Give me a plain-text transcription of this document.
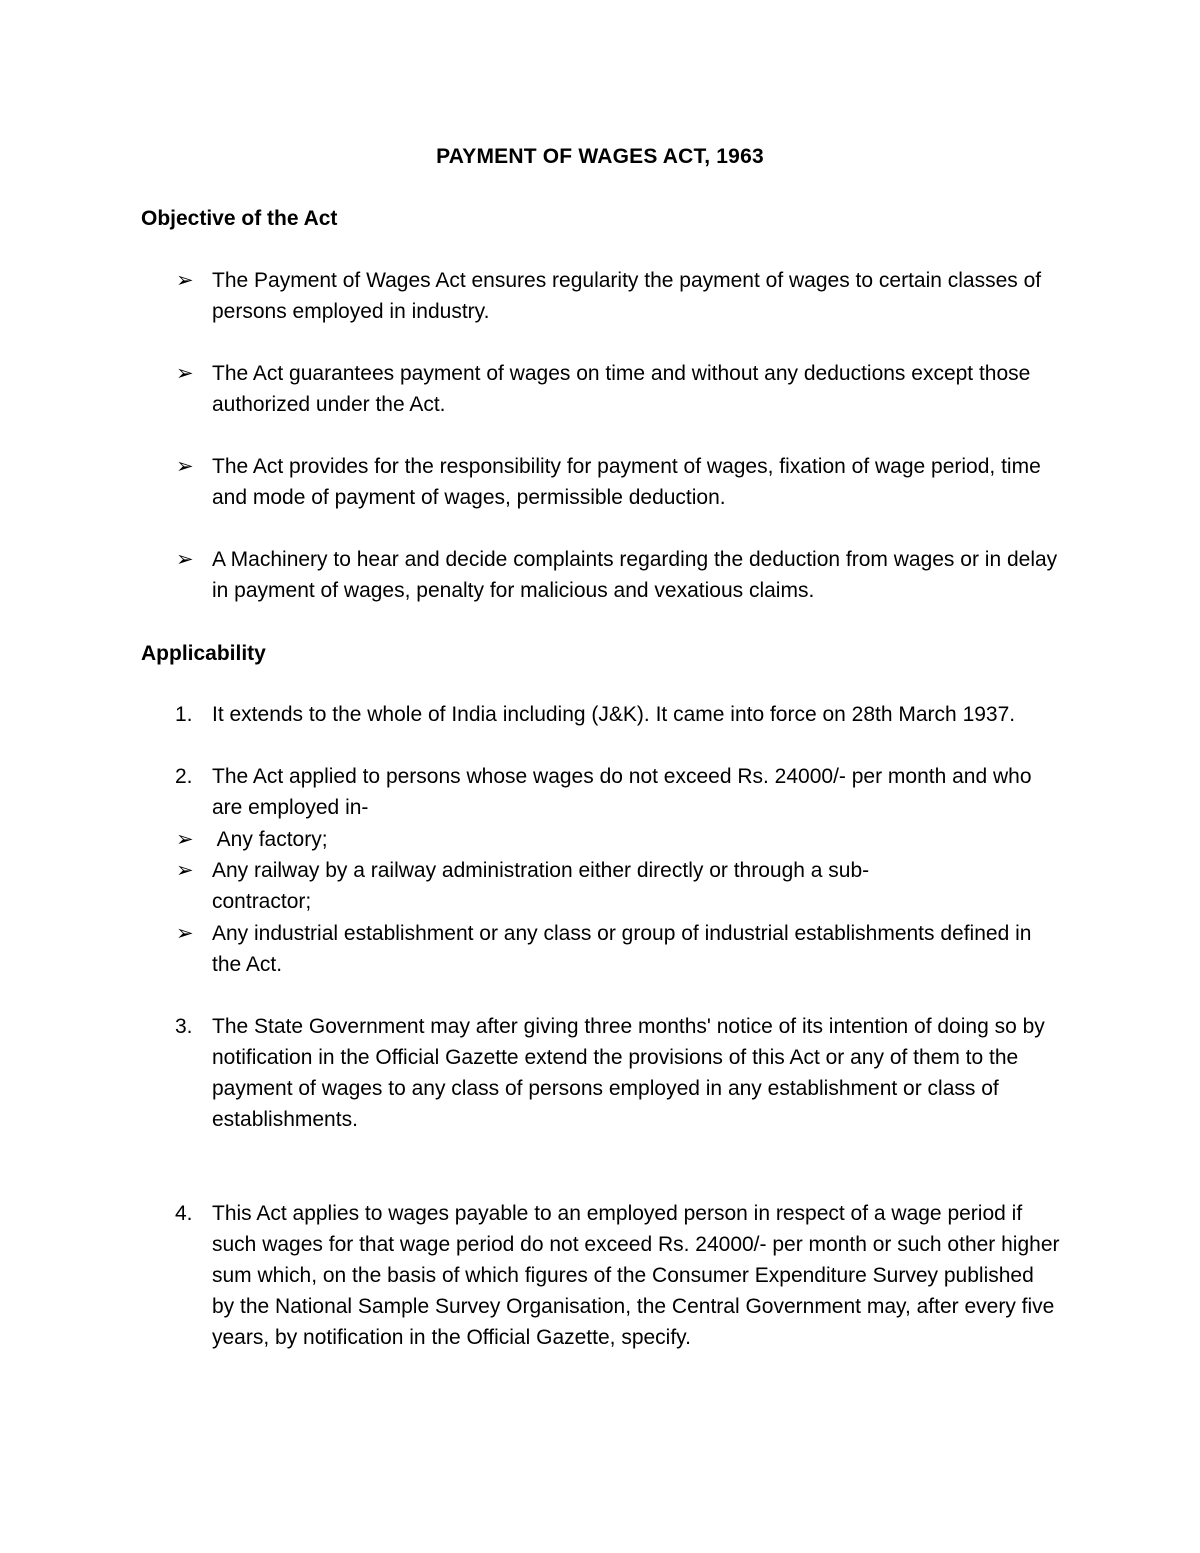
PAYMENT OF WAGES ACT, 1963
Objective of the Act
➢ The Payment of Wages Act ensures regularity the payment of wages to certain classes of persons employed in industry.
➢ The Act guarantees payment of wages on time and without any deductions except those authorized under the Act.
➢ The Act provides for the responsibility for payment of wages, fixation of wage period, time and mode of payment of wages, permissible deduction.
➢ A Machinery to hear and decide complaints regarding the deduction from wages or in delay in payment of wages, penalty for malicious and vexatious claims.
Applicability
1. It extends to the whole of India including (J&K). It came into force on 28th March 1937.
2. The Act applied to persons whose wages do not exceed Rs. 24000/- per month and who are employed in-
➢ Any factory;
➢ Any railway by a railway administration either directly or through a sub-contractor;
➢ Any industrial establishment or any class or group of industrial establishments defined in the Act.
3. The State Government may after giving three months' notice of its intention of doing so by notification in the Official Gazette extend the provisions of this Act or any of them to the payment of wages to any class of persons employed in any establishment or class of establishments.
4. This Act applies to wages payable to an employed person in respect of a wage period if such wages for that wage period do not exceed Rs. 24000/- per month or such other higher sum which, on the basis of which figures of the Consumer Expenditure Survey published by the National Sample Survey Organisation, the Central Government may, after every five years, by notification in the Official Gazette, specify.
